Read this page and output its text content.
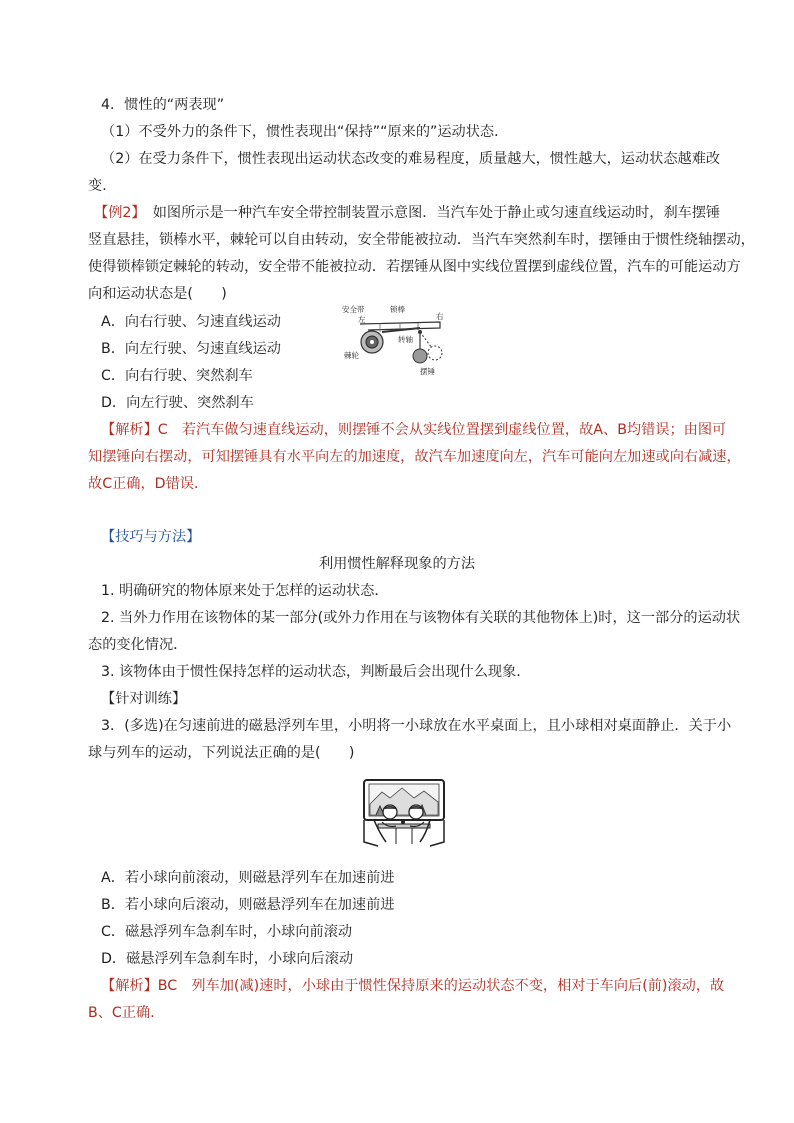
4．惯性的“两表现”
（1）不受外力的条件下，惯性表现出“保持”“原来的”运动状态．
（2）在受力条件下，惯性表现出运动状态改变的难易程度，质量越大，惯性越大，运动状态越难改
变．
【例2】　如图所示是一种汽车安全带控制装置示意图．当汽车处于静止或匀速直线运动时，刹车摆锤
竖直悬挂，锁棒水平，棘轮可以自由转动，安全带能被拉动．当汽车突然刹车时，摆锤由于惯性绕轴摆动，
使得锁棒锁定棘轮的转动，安全带不能被拉动．若摆锤从图中实线位置摆到虚线位置，汽车的可能运动方
向和运动状态是(　　)
A．向右行驶、匀速直线运动
B．向左行驶、匀速直线运动
C．向右行驶、突然刹车
D．向左行驶、突然刹车
安全带
左
锁棒
右
转轴
棘轮
摆锤
【解析】C　若汽车做匀速直线运动，则摆锤不会从实线位置摆到虚线位置，故A、B均错误；由图可
知摆锤向右摆动，可知摆锤具有水平向左的加速度，故汽车加速度向左，汽车可能向左加速或向右减速，
故C正确，D错误．
【技巧与方法】
利用惯性解释现象的方法
1. 明确研究的物体原来处于怎样的运动状态．
2. 当外力作用在该物体的某一部分(或外力作用在与该物体有关联的其他物体上)时，这一部分的运动状
态的变化情况．
3. 该物体由于惯性保持怎样的运动状态，判断最后会出现什么现象．
【针对训练】
3．(多选)在匀速前进的磁悬浮列车里，小明将一小球放在水平桌面上，且小球相对桌面静止．关于小
球与列车的运动，下列说法正确的是(　　)
A．若小球向前滚动，则磁悬浮列车在加速前进
B．若小球向后滚动，则磁悬浮列车在加速前进
C．磁悬浮列车急刹车时，小球向前滚动
D．磁悬浮列车急刹车时，小球向后滚动
【解析】BC　列车加(减)速时，小球由于惯性保持原来的运动状态不变，相对于车向后(前)滚动，故
B、C正确．
